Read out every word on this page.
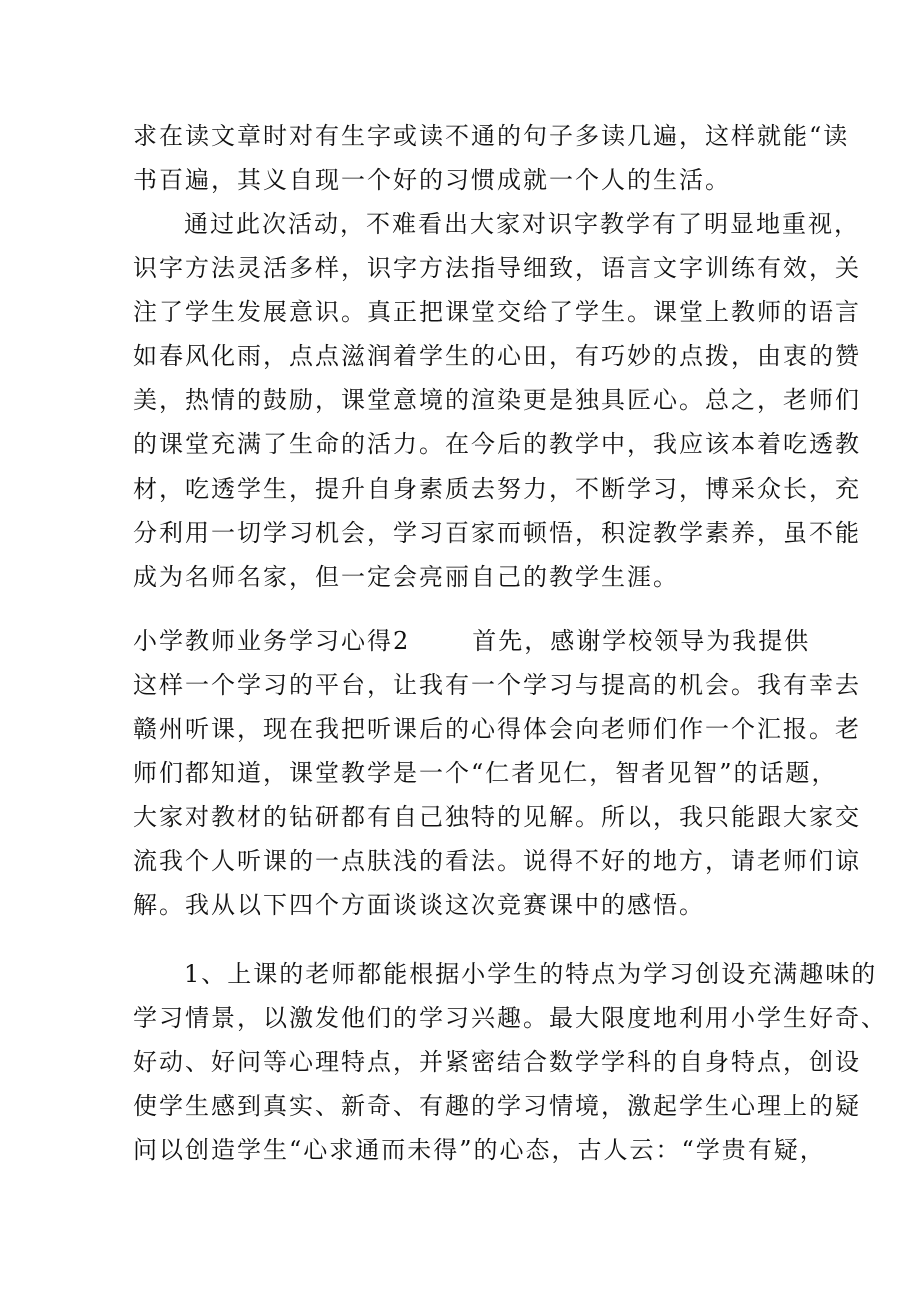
求在读文章时对有生字或读不通的句子多读几遍，这样就能“读
书百遍，其义自现一个好的习惯成就一个人的生活。
通过此次活动，不难看出大家对识字教学有了明显地重视，
识字方法灵活多样，识字方法指导细致，语言文字训练有效，关
注了学生发展意识。真正把课堂交给了学生。课堂上教师的语言
如春风化雨，点点滋润着学生的心田，有巧妙的点拨，由衷的赞
美，热情的鼓励，课堂意境的渲染更是独具匠心。总之，老师们
的课堂充满了生命的活力。在今后的教学中，我应该本着吃透教
材，吃透学生，提升自身素质去努力，不断学习，博采众长，充
分利用一切学习机会，学习百家而顿悟，积淀教学素养，虽不能
成为名师名家，但一定会亮丽自己的教学生涯。
小学教师业务学习心得2	首先，感谢学校领导为我提供
这样一个学习的平台，让我有一个学习与提高的机会。我有幸去
赣州听课，现在我把听课后的心得体会向老师们作一个汇报。老
师们都知道，课堂教学是一个“仁者见仁，智者见智”的话题，
大家对教材的钻研都有自己独特的见解。所以，我只能跟大家交
流我个人听课的一点肤浅的看法。说得不好的地方，请老师们谅
解。我从以下四个方面谈谈这次竞赛课中的感悟。
1、上课的老师都能根据小学生的特点为学习创设充满趣味的
学习情景，以激发他们的学习兴趣。最大限度地利用小学生好奇、
好动、好问等心理特点，并紧密结合数学学科的自身特点，创设
使学生感到真实、新奇、有趣的学习情境，激起学生心理上的疑
问以创造学生“心求通而未得”的心态，古人云：“学贵有疑，
